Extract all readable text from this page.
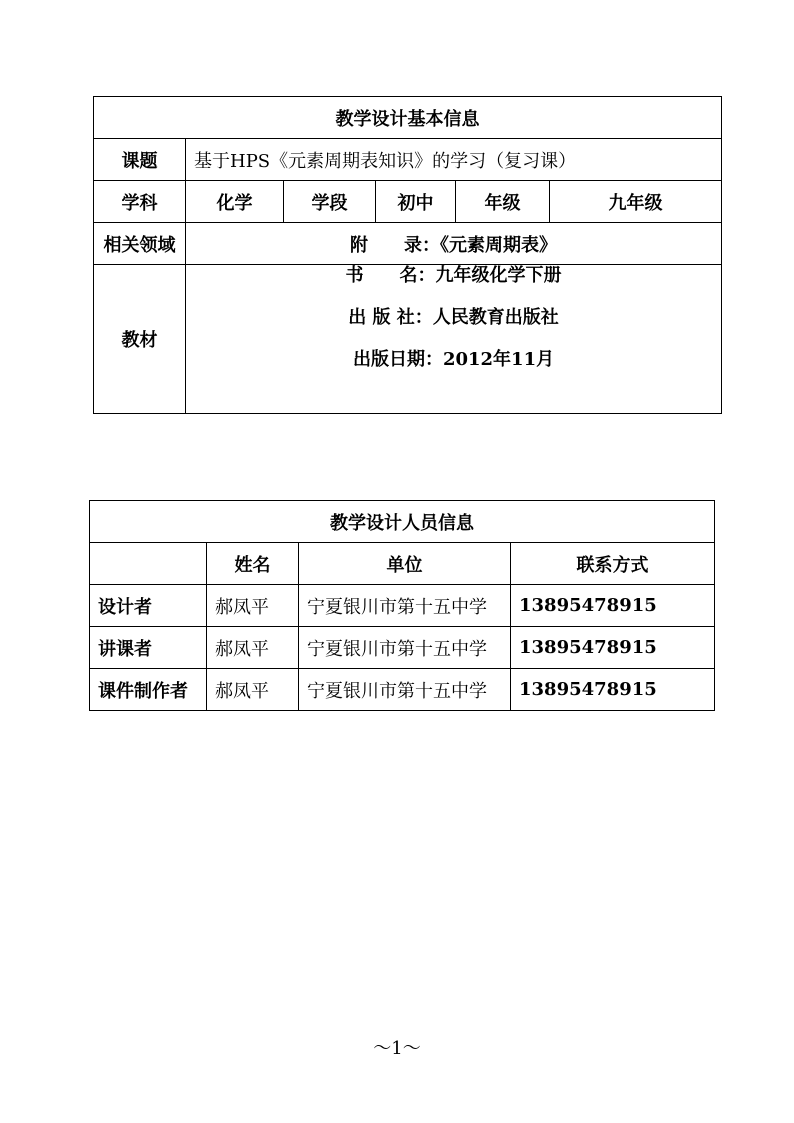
教学设计基本信息					
课题	基于HPS《元素周期表知识》的学习（复习课）				
学科	化学	学段	初中	年级	九年级
相关领域	附　　录：《元素周期表》				
教材	书　　名：九年级化学下册
出 版 社：人民教育出版社
出版日期：2012年11月				
教学设计人员信息			
	姓名	单位	联系方式
设计者	郝凤平	宁夏银川市第十五中学	13895478915
讲课者	郝凤平	宁夏银川市第十五中学	13895478915
课件制作者	郝凤平	宁夏银川市第十五中学	13895478915
～1～
